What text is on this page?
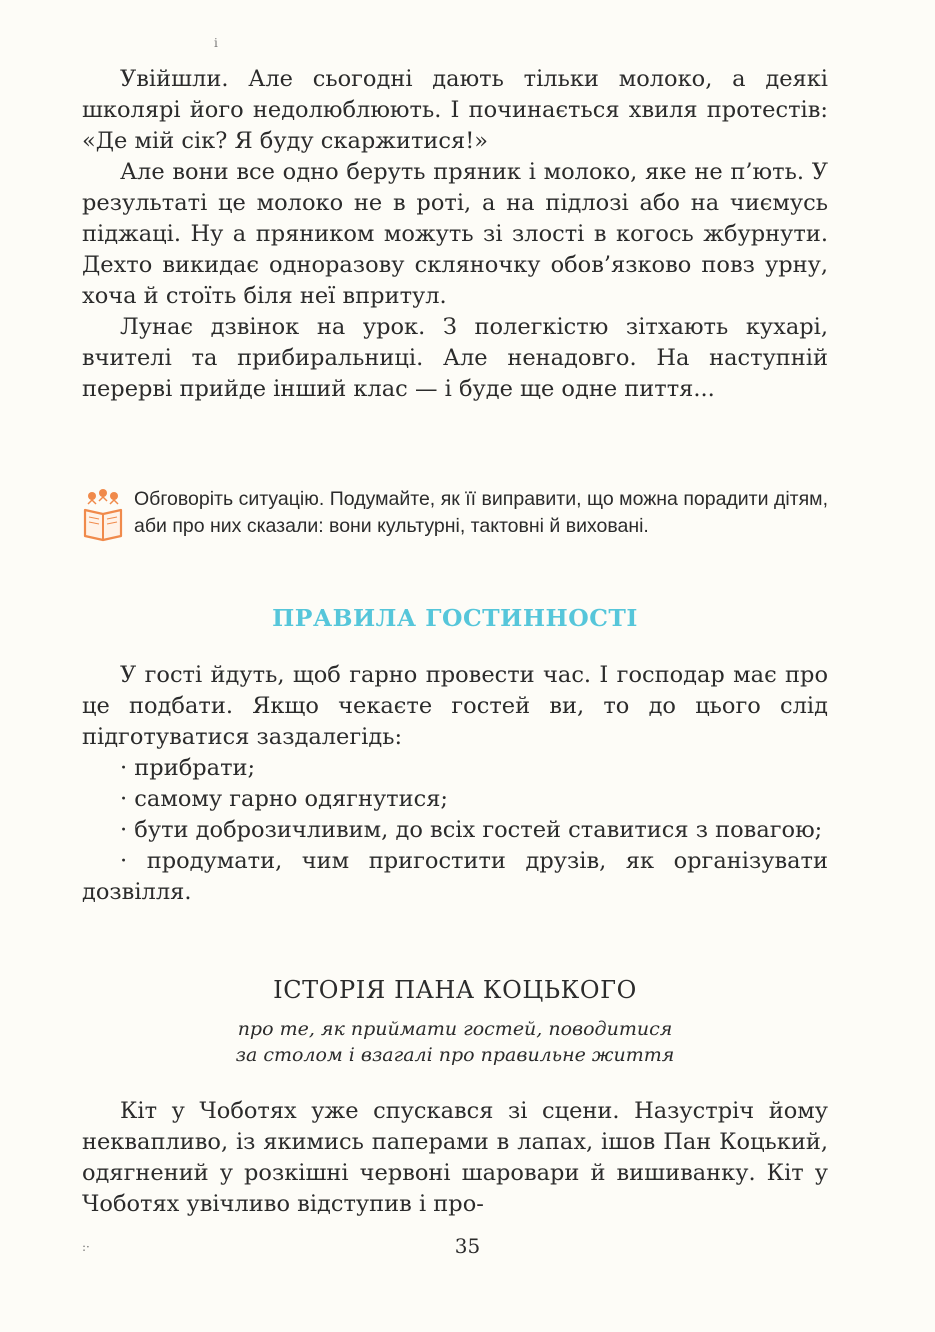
і

Увійшли. Але сьогодні дають тільки молоко, а деякі школярі його недолюблюють. І починається хвиля протестів: «Де мій сік? Я буду скаржитися!»

Але вони все одно беруть пряник і молоко, яке не п’ють. У результаті це молоко не в роті, а на підлозі або на чиємусь піджаці. Ну а пряником можуть зі злості в когось жбурнути. Дехто викидає одноразову скляночку обов’язково повз урну, хоча й стоїть біля неї впритул.

Лунає дзвінок на урок. З полегкістю зітхають кухарі, вчителі та прибиральниці. Але ненадовго. На наступній перерві прийде інший клас — і буде ще одне пиття...

Обговоріть ситуацію. Подумайте, як її виправити, що можна порадити дітям, аби про них сказали: вони культурні, тактовні й виховані.
ПРАВИЛА ГОСТИННОСТІ

У гості йдуть, щоб гарно провести час. І господар має про це подбати. Якщо чекаєте гостей ви, то до цього слід підготуватися заздалегідь:

· прибрати;

· самому гарно одягнутися;

· бути доброзичливим, до всіх гостей ставитися з повагою;

· продумати, чим пригостити друзів, як організувати дозвілля.

ІСТОРІЯ ПАНА КОЦЬКОГО
про те, як приймати гостей, поводитися
за столом і взагалі про правильне життя

Кіт у Чоботях уже спускався зі сцени. Назустріч йому неквапливо, із якимись паперами в лапах, ішов Пан Коцький, одягнений у розкішні червоні шаровари й вишиванку. Кіт у Чоботях увічливо відступив і про-

:·	35
